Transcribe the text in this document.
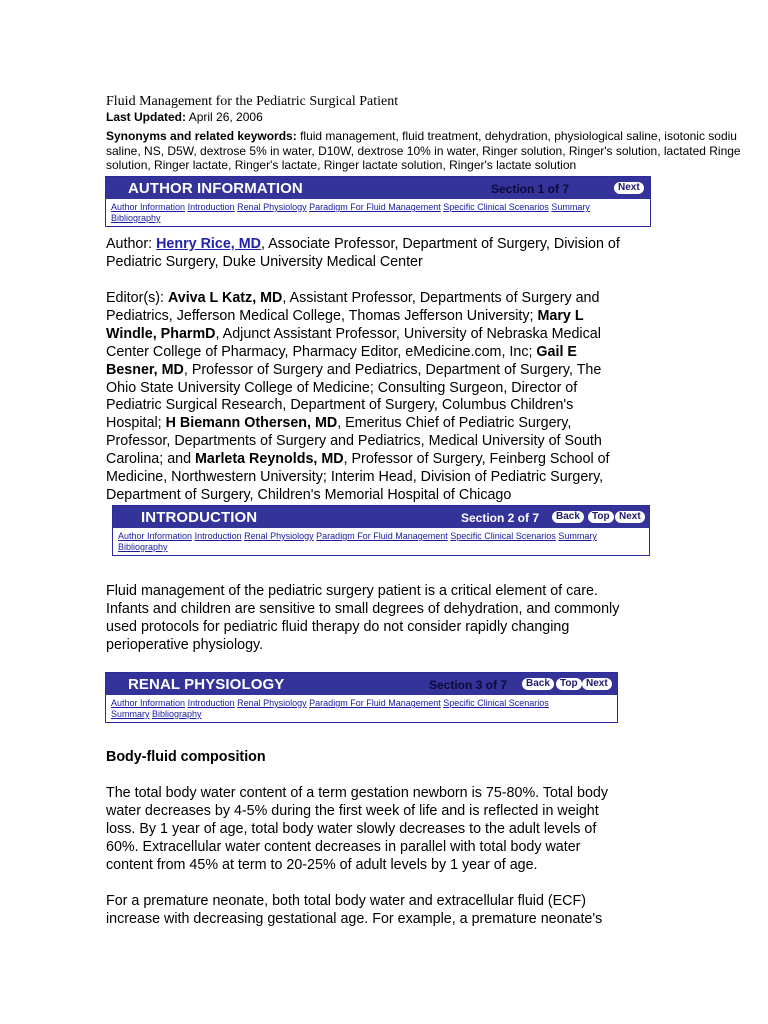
Fluid Management for the Pediatric Surgical Patient
Last Updated: April 26, 2006
Synonyms and related keywords: fluid management, fluid treatment, dehydration, physiological saline, isotonic sodiu
saline, NS, D5W, dextrose 5% in water, D10W, dextrose 10% in water, Ringer solution, Ringer's solution, lactated Ringe
solution, Ringer lactate, Ringer's lactate, Ringer lactate solution, Ringer's lactate solution
AUTHOR INFORMATION	Section 1 of 7	Next
Author Information Introduction Renal Physiology Paradigm For Fluid Management Specific Clinical Scenarios Summary
Bibliography
Author: Henry Rice, MD, Associate Professor, Department of Surgery, Division of
Pediatric Surgery, Duke University Medical Center
Editor(s): Aviva L Katz, MD, Assistant Professor, Departments of Surgery and
Pediatrics, Jefferson Medical College, Thomas Jefferson University; Mary L
Windle, PharmD, Adjunct Assistant Professor, University of Nebraska Medical
Center College of Pharmacy, Pharmacy Editor, eMedicine.com, Inc; Gail E
Besner, MD, Professor of Surgery and Pediatrics, Department of Surgery, The
Ohio State University College of Medicine; Consulting Surgeon, Director of
Pediatric Surgical Research, Department of Surgery, Columbus Children's
Hospital; H Biemann Othersen, MD, Emeritus Chief of Pediatric Surgery,
Professor, Departments of Surgery and Pediatrics, Medical University of South
Carolina; and Marleta Reynolds, MD, Professor of Surgery, Feinberg School of
Medicine, Northwestern University; Interim Head, Division of Pediatric Surgery,
Department of Surgery, Children's Memorial Hospital of Chicago
INTRODUCTION	Section 2 of 7	Back	Top Next
Author Information Introduction Renal Physiology Paradigm For Fluid Management Specific Clinical Scenarios Summary
Bibliography
Fluid management of the pediatric surgery patient is a critical element of care.
Infants and children are sensitive to small degrees of dehydration, and commonly
used protocols for pediatric fluid therapy do not consider rapidly changing
perioperative physiology.
RENAL PHYSIOLOGY	Section 3 of 7	Back	Top Next
Author Information Introduction Renal Physiology Paradigm For Fluid Management Specific Clinical Scenarios
Summary Bibliography
Body-fluid composition
The total body water content of a term gestation newborn is 75-80%. Total body
water decreases by 4-5% during the first week of life and is reflected in weight
loss. By 1 year of age, total body water slowly decreases to the adult levels of
60%. Extracellular water content decreases in parallel with total body water
content from 45% at term to 20-25% of adult levels by 1 year of age.
For a premature neonate, both total body water and extracellular fluid (ECF)
increase with decreasing gestational age. For example, a premature neonate's
